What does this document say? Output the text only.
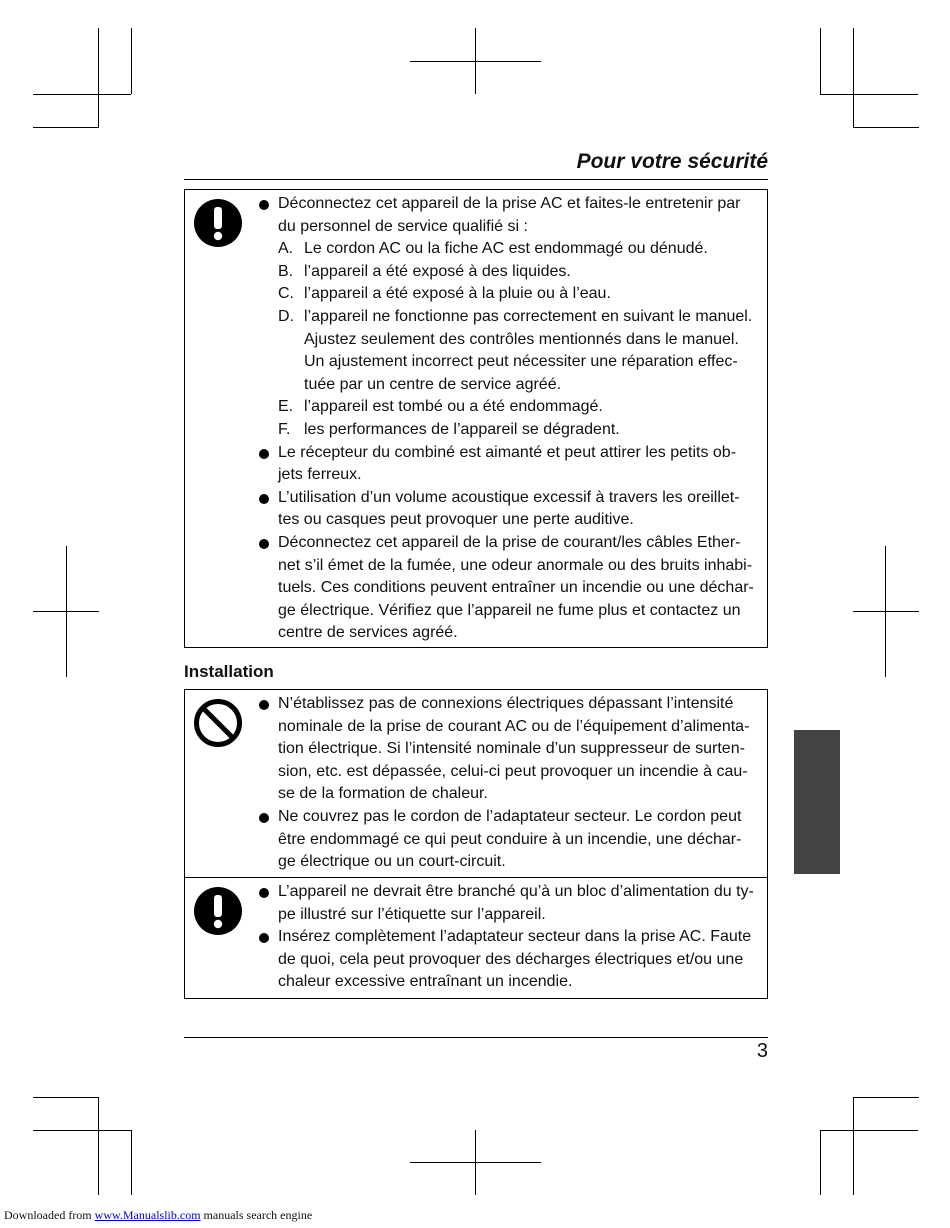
Pour votre sécurité
Déconnectez cet appareil de la prise AC et faites-le entretenir par
du personnel de service qualifié si :
A. Le cordon AC ou la fiche AC est endommagé ou dénudé.
B. l’appareil a été exposé à des liquides.
C. l’appareil a été exposé à la pluie ou à l’eau.
D. l’appareil ne fonctionne pas correctement en suivant le manuel.
Ajustez seulement des contrôles mentionnés dans le manuel.
Un ajustement incorrect peut nécessiter une réparation effec-
tuée par un centre de service agréé.
E. l’appareil est tombé ou a été endommagé.
F. les performances de l’appareil se dégradent.
Le récepteur du combiné est aimanté et peut attirer les petits ob-
jets ferreux.
L’utilisation d’un volume acoustique excessif à travers les oreillet-
tes ou casques peut provoquer une perte auditive.
Déconnectez cet appareil de la prise de courant/les câbles Ether-
net s’il émet de la fumée, une odeur anormale ou des bruits inhabi-
tuels. Ces conditions peuvent entraîner un incendie ou une déchar-
ge électrique. Vérifiez que l’appareil ne fume plus et contactez un
centre de services agréé.
Installation
N’établissez pas de connexions électriques dépassant l’intensité
nominale de la prise de courant AC ou de l’équipement d’alimenta-
tion électrique. Si l’intensité nominale d’un suppresseur de surten-
sion, etc. est dépassée, celui-ci peut provoquer un incendie à cau-
se de la formation de chaleur.
Ne couvrez pas le cordon de l’adaptateur secteur. Le cordon peut
être endommagé ce qui peut conduire à un incendie, une déchar-
ge électrique ou un court-circuit.
L’appareil ne devrait être branché qu’à un bloc d’alimentation du ty-
pe illustré sur l’étiquette sur l’appareil.
Insérez complètement l’adaptateur secteur dans la prise AC. Faute
de quoi, cela peut provoquer des décharges électriques et/ou une
chaleur excessive entraînant un incendie.
3
Downloaded from www.Manualslib.com manuals search engine
